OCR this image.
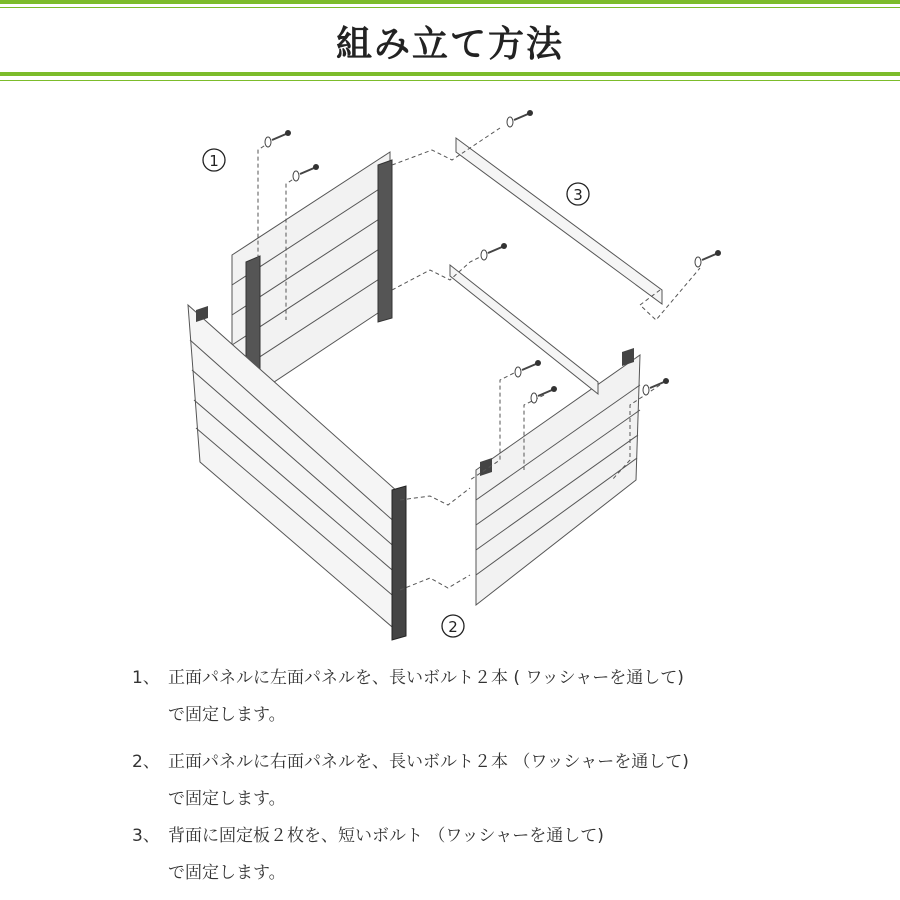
組み立て方法
1
2
3
1、 正面パネルに左面パネルを、長いボルト２本 ( ワッシャーを通して)
で固定します。
2、 正面パネルに右面パネルを、長いボルト２本 （ワッシャーを通して)
で固定します。
3、 背面に固定板２枚を、短いボルト （ワッシャーを通して)
で固定します。
